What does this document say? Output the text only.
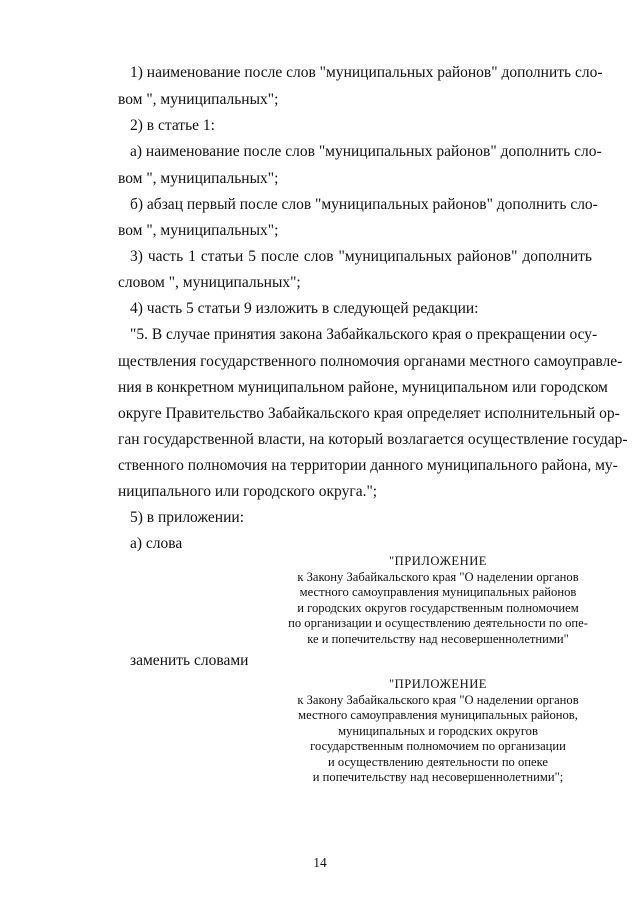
1) наименование после слов "муниципальных районов" дополнить сло-
вом ", муниципальных";
2) в статье 1:
а) наименование после слов "муниципальных районов" дополнить сло-
вом ", муниципальных";
б) абзац первый после слов "муниципальных районов" дополнить сло-
вом ", муниципальных";
3) часть 1 статьи 5 после слов "муниципальных районов" дополнить
словом ", муниципальных";
4) часть 5 статьи 9 изложить в следующей редакции:
"5. В случае принятия закона Забайкальского края о прекращении осу-
ществления государственного полномочия органами местного самоуправле-
ния в конкретном муниципальном районе, муниципальном или городском
округе Правительство Забайкальского края определяет исполнительный ор-
ган государственной власти, на который возлагается осуществление государ-
ственного полномочия на территории данного муниципального района, му-
ниципального или городского округа.";
5) в приложении:
а) слова
"ПРИЛОЖЕНИЕ
к Закону Забайкальского края "О наделении органов
местного самоуправления муниципальных районов
и городских округов государственным полномочием
по организации и осуществлению деятельности по опе-
ке и попечительству над несовершеннолетними"
заменить словами
"ПРИЛОЖЕНИЕ
к Закону Забайкальского края "О наделении органов
местного самоуправления муниципальных районов,
муниципальных и городских округов
государственным полномочием по организации
и осуществлению деятельности по опеке
и попечительству над несовершеннолетними";
14
